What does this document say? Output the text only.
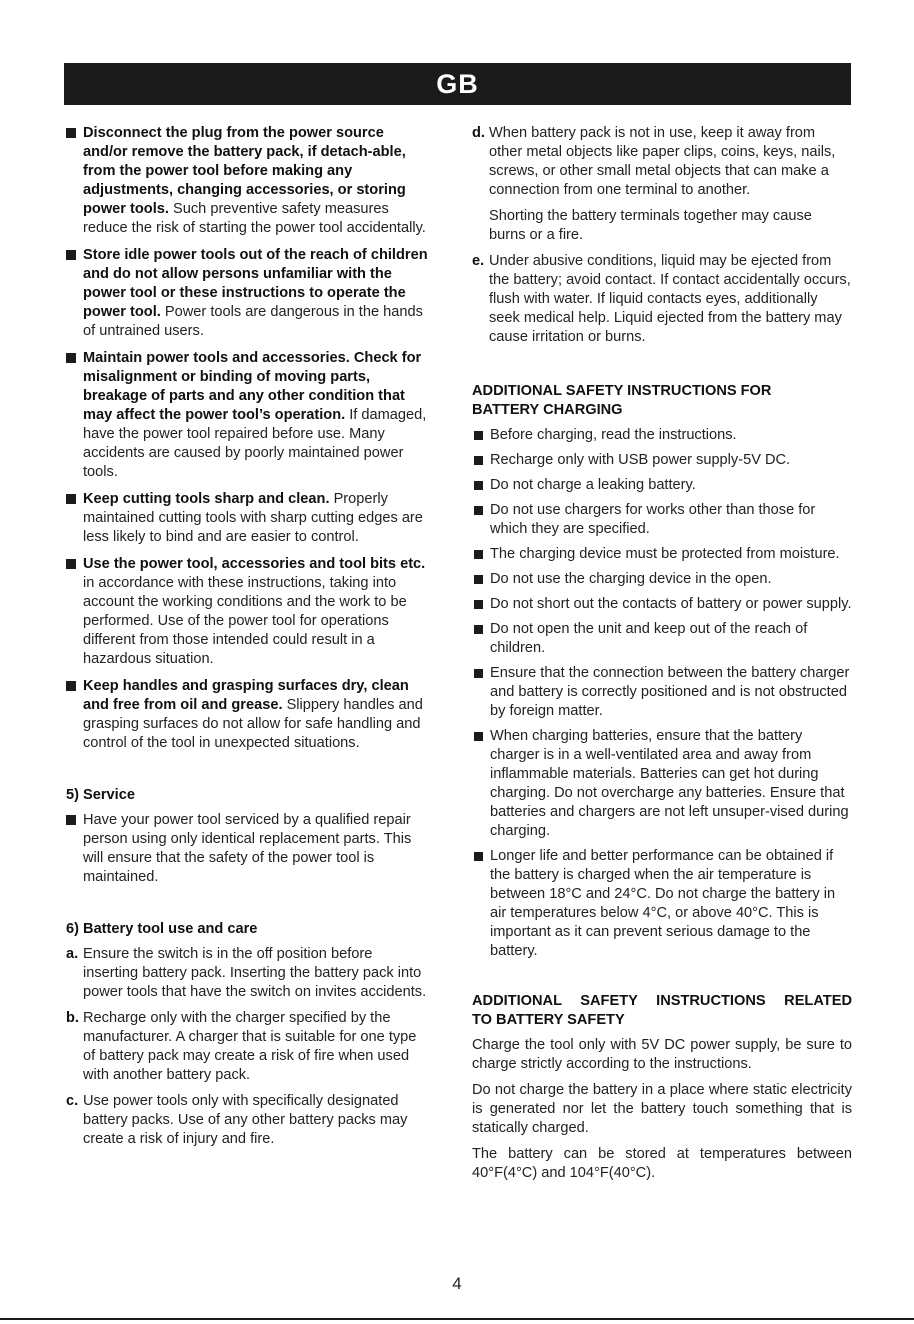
GB
Disconnect the plug from the power source and/or remove the battery pack, if detach-able, from the power tool before making any adjustments, changing accessories, or storing power tools. Such preventive safety measures reduce the risk of starting the power tool accidentally.
Store idle power tools out of the reach of children and do not allow persons unfamiliar with the power tool or these instructions to operate the power tool. Power tools are dangerous in the hands of untrained users.
Maintain power tools and accessories. Check for misalignment or binding of moving parts, breakage of parts and any other condition that may affect the power tool’s operation. If damaged, have the power tool repaired before use. Many accidents are caused by poorly maintained power tools.
Keep cutting tools sharp and clean. Properly maintained cutting tools with sharp cutting edges are less likely to bind and are easier to control.
Use the power tool, accessories and tool bits etc. in accordance with these instructions, taking into account the working conditions and the work to be performed. Use of the power tool for operations different from those intended could result in a hazardous situation.
Keep handles and grasping surfaces dry, clean and free from oil and grease. Slippery handles and grasping surfaces do not allow for safe handling and control of the tool in unexpected situations.
5) Service
Have your power tool serviced by a qualified repair person using only identical replacement parts. This will ensure that the safety of the power tool is maintained.
6) Battery tool use and care
a. Ensure the switch is in the off position before inserting battery pack. Inserting the battery pack into power tools that have the switch on invites accidents.

b. Recharge only with the charger specified by the manufacturer. A charger that is suitable for one type of battery pack may create a risk of fire when used with another battery pack.

c. Use power tools only with specifically designated battery packs. Use of any other battery packs may create a risk of injury and fire.

d. When battery pack is not in use, keep it away from other metal objects like paper clips, coins, keys, nails, screws, or other small metal objects that can make a connection from one terminal to another.

Shorting the battery terminals together may cause burns or a fire.

e. Under abusive conditions, liquid may be ejected from the battery; avoid contact. If contact accidentally occurs, flush with water. If liquid contacts eyes, additionally seek medical help. Liquid ejected from the battery may cause irritation or burns.

ADDITIONAL SAFETY INSTRUCTIONS FOR
BATTERY CHARGING
Before charging, read the instructions.
Recharge only with USB power supply-5V DC.
Do not charge a leaking battery.
Do not use chargers for works other than those for which they are specified.
The charging device must be protected from moisture.
Do not use the charging device in the open.
Do not short out the contacts of battery or power supply.
Do not open the unit and keep out of the reach of children.
Ensure that the connection between the battery charger and battery is correctly positioned and is not obstructed by foreign matter.
When charging batteries, ensure that the battery charger is in a well-ventilated area and away from inflammable materials. Batteries can get hot during charging. Do not overcharge any batteries. Ensure that batteries and chargers are not left unsuper-vised during charging.
Longer life and better performance can be obtained if the battery is charged when the air temperature is between 18°C and 24°C. Do not charge the battery in air temperatures below 4°C, or above 40°C. This is important as it can prevent serious damage to the battery.
ADDITIONAL SAFETY INSTRUCTIONS RELATED
TO BATTERY SAFETY

Charge the tool only with 5V DC power supply, be sure to charge strictly according to the instructions.

Do not charge the battery in a place where static electricity is generated nor let the battery touch something that is statically charged.

The battery can be stored at temperatures between 40°F(4°C) and 104°F(40°C).

4
